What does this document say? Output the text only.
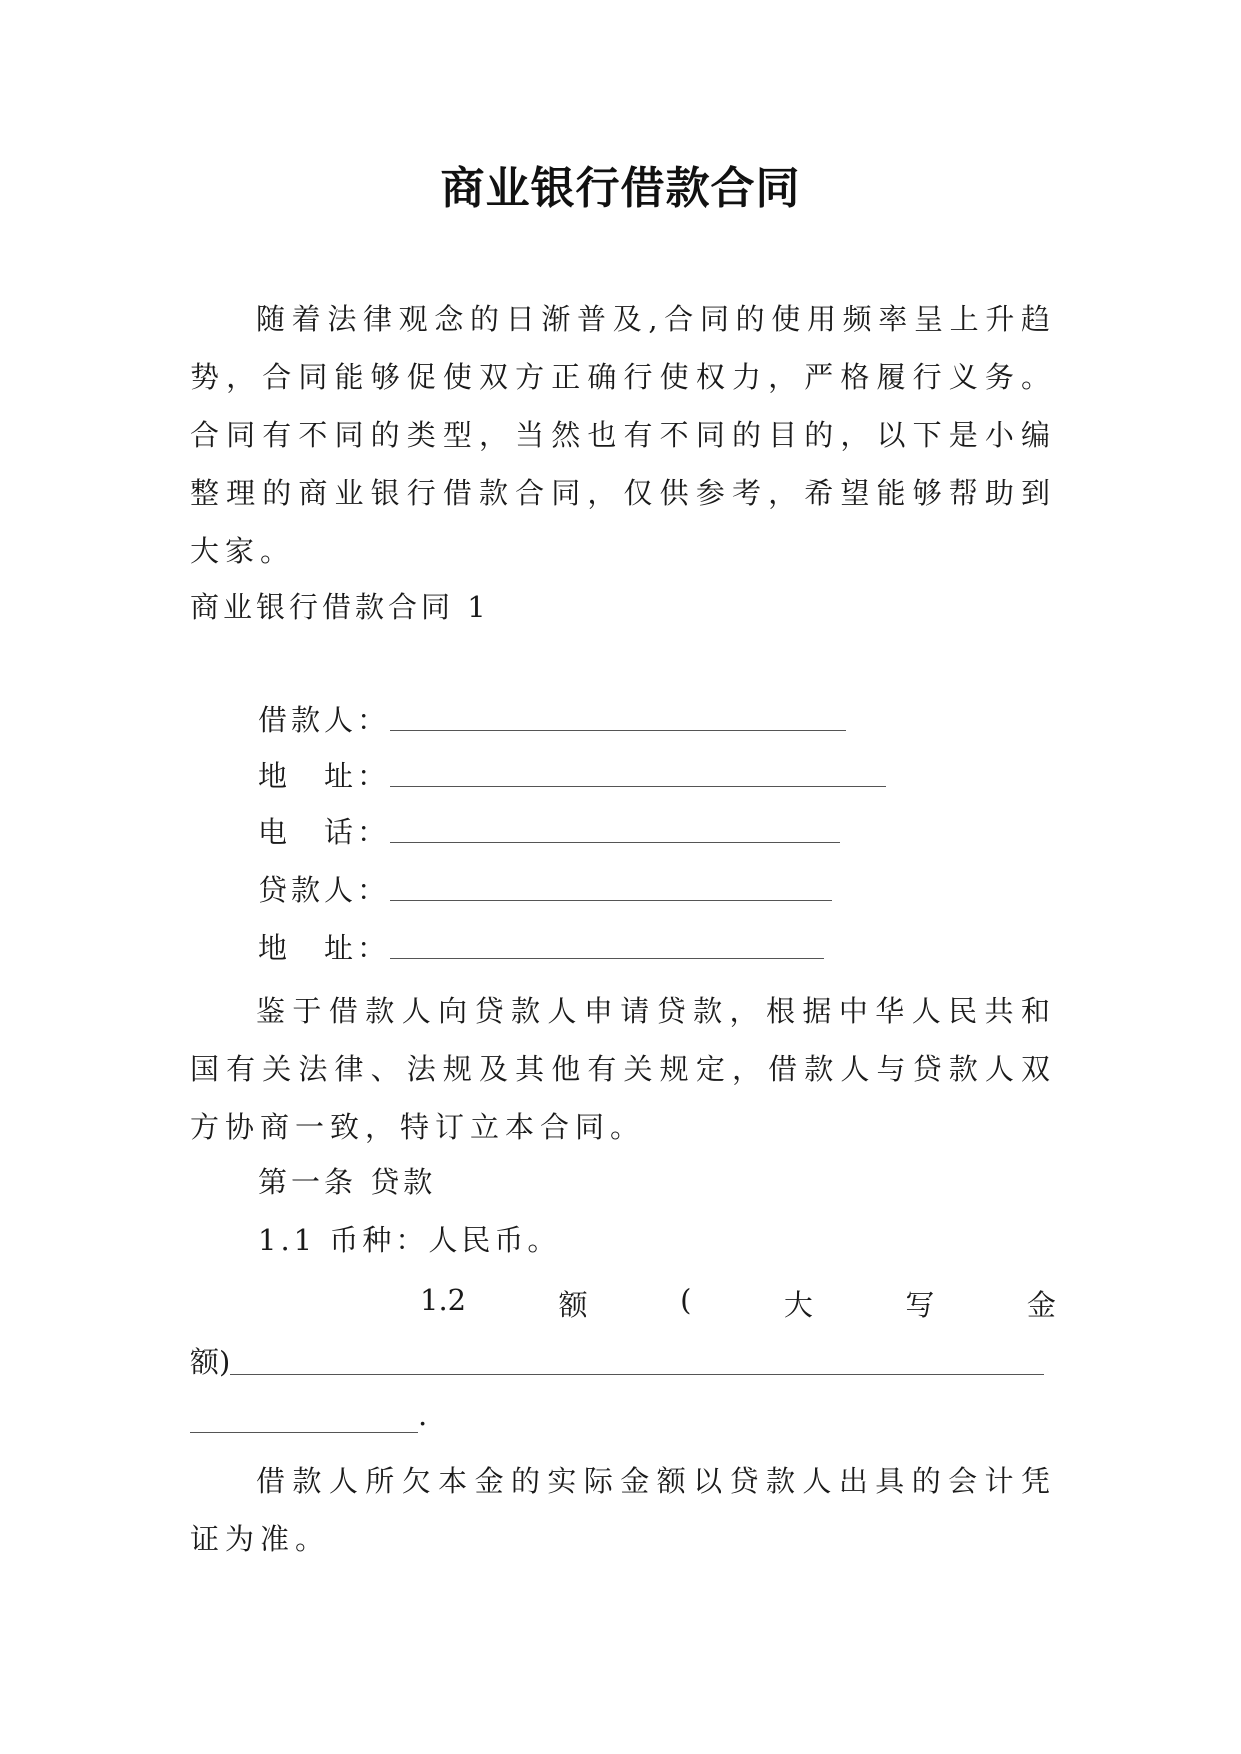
商业银行借款合同

随着法律观念的日渐普及,合同的使用频率呈上升趋势，合同能够促使双方正确行使权力，严格履行义务。合同有不同的类型，当然也有不同的目的，以下是小编整理的商业银行借款合同，仅供参考，希望能够帮助到大家。

商业银行借款合同 1

借款人：
地　址：
电　话：
贷款人：
地　址：

鉴于借款人向贷款人申请贷款，根据中华人民共和国有关法律、法规及其他有关规定，借款人与贷款人双方协商一致，特订立本合同。

第一条 贷款

1.1 币种：人民币。

1.2	额	(	大	写	金
额)
.

借款人所欠本金的实际金额以贷款人出具的会计凭证为准。
